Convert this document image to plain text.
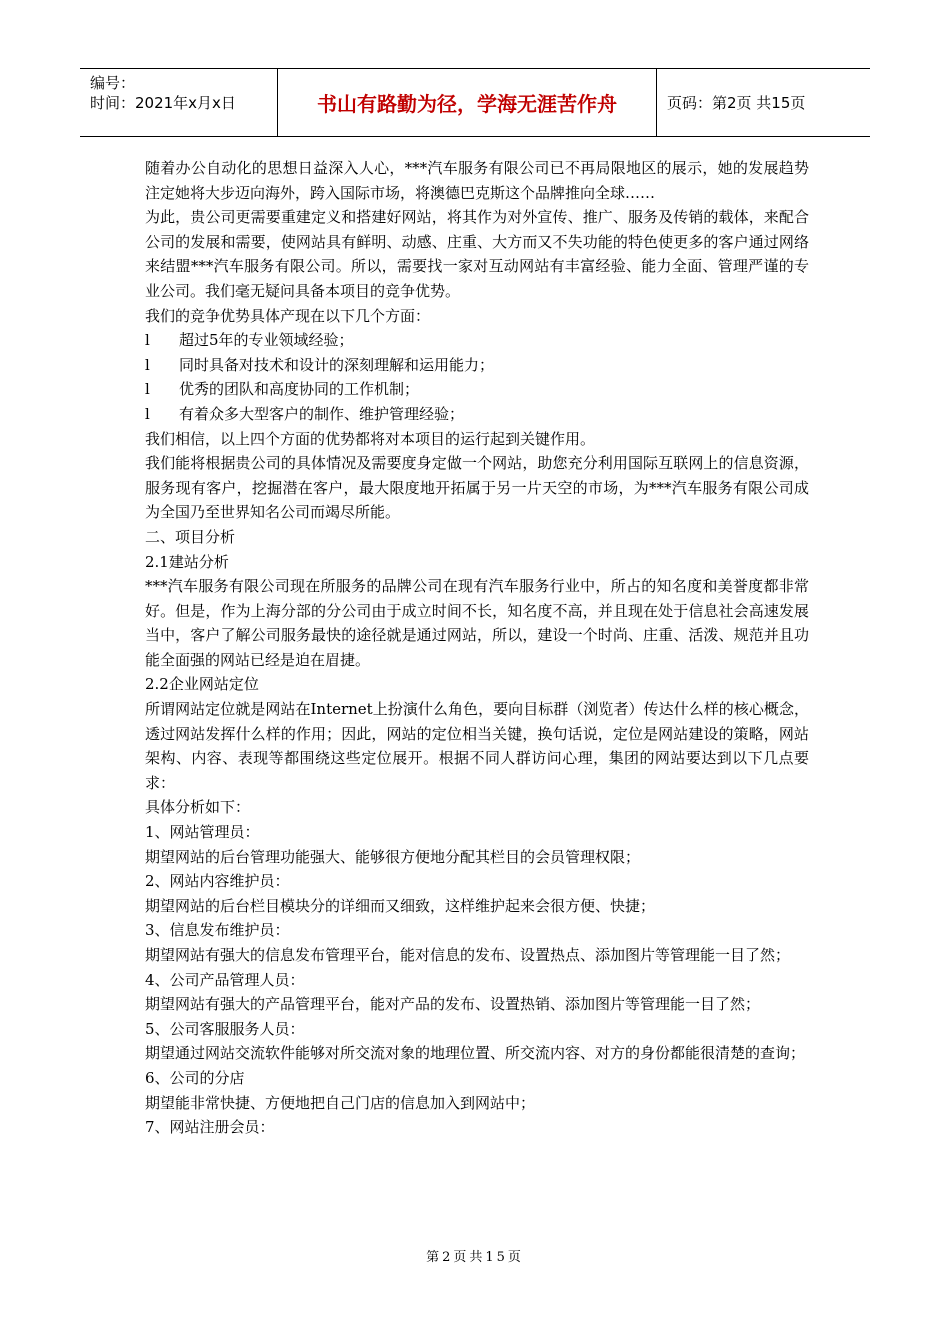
编号：
时间：2021年x月x日	书山有路勤为径，学海无涯苦作舟	页码：第2页 共15页

随着办公自动化的思想日益深入人心，***汽车服务有限公司已不再局限地区的展示，她的发展趋势注定她将大步迈向海外，跨入国际市场，将澳德巴克斯这个品牌推向全球……

为此，贵公司更需要重建定义和搭建好网站，将其作为对外宣传、推广、服务及传销的载体，来配合公司的发展和需要，使网站具有鲜明、动感、庄重、大方而又不失功能的特色使更多的客户通过网络来结盟***汽车服务有限公司。所以，需要找一家对互动网站有丰富经验、能力全面、管理严谨的专业公司。我们毫无疑问具备本项目的竞争优势。

我们的竞争优势具体产现在以下几个方面：

l	超过5年的专业领域经验；
l	同时具备对技术和设计的深刻理解和运用能力；
l	优秀的团队和高度协同的工作机制；
l	有着众多大型客户的制作、维护管理经验；

我们相信，以上四个方面的优势都将对本项目的运行起到关键作用。

我们能将根据贵公司的具体情况及需要度身定做一个网站，助您充分利用国际互联网上的信息资源，服务现有客户，挖掘潜在客户，最大限度地开拓属于另一片天空的市场，为***汽车服务有限公司成为全国乃至世界知名公司而竭尽所能。

二、项目分析

2.1建站分析

***汽车服务有限公司现在所服务的品牌公司在现有汽车服务行业中，所占的知名度和美誉度都非常好。但是，作为上海分部的分公司由于成立时间不长，知名度不高，并且现在处于信息社会高速发展当中，客户了解公司服务最快的途径就是通过网站，所以，建设一个时尚、庄重、活泼、规范并且功能全面强的网站已经是迫在眉捷。

2.2企业网站定位

所谓网站定位就是网站在Internet上扮演什么角色，要向目标群（浏览者）传达什么样的核心概念，透过网站发挥什么样的作用；因此，网站的定位相当关键，换句话说，定位是网站建设的策略，网站架构、内容、表现等都围绕这些定位展开。根据不同人群访问心理，集团的网站要达到以下几点要求：

具体分析如下：

1、网站管理员：

期望网站的后台管理功能强大、能够很方便地分配其栏目的会员管理权限；

2、网站内容维护员：

期望网站的后台栏目模块分的详细而又细致，这样维护起来会很方便、快捷；

3、信息发布维护员：

期望网站有强大的信息发布管理平台，能对信息的发布、设置热点、添加图片等管理能一目了然；

4、公司产品管理人员：

期望网站有强大的产品管理平台，能对产品的发布、设置热销、添加图片等管理能一目了然；

5、公司客服服务人员：

期望通过网站交流软件能够对所交流对象的地理位置、所交流内容、对方的身份都能很清楚的查询；

6、公司的分店

期望能非常快捷、方便地把自己门店的信息加入到网站中；

7、网站注册会员：

第2页共15页
